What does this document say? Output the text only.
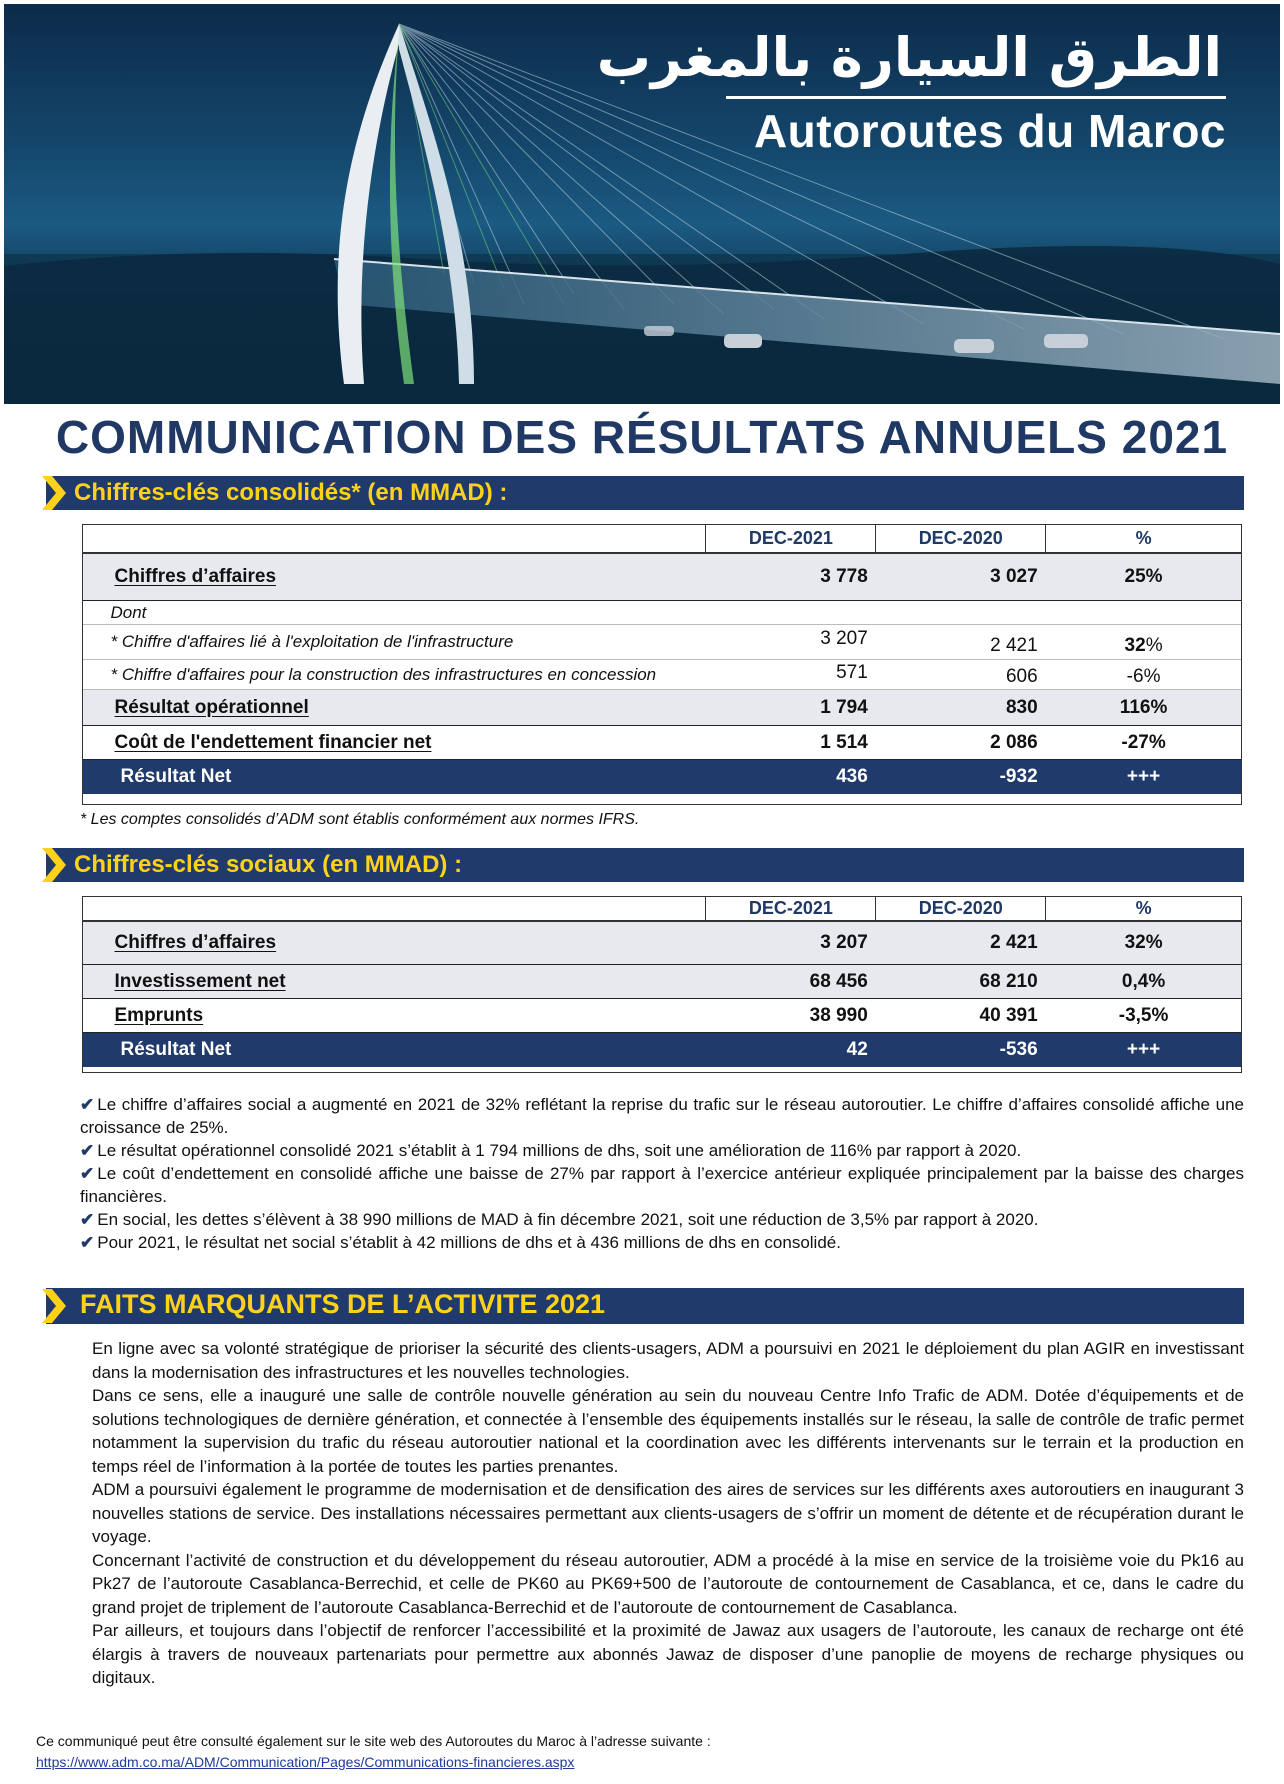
الطرق السيارة بالمغرب
Autoroutes du Maroc
COMMUNICATION DES RÉSULTATS ANNUELS 2021
Chiffres-clés consolidés* (en MMAD) :
	DEC-2021	DEC-2020	%
Chiffres d’affaires	3 778	3 027	25%
Dont			
* Chiffre d'affaires lié à l'exploitation de l'infrastructure	3 207	2 421	32%
* Chiffre d'affaires pour la construction des infrastructures en concession	571	606	-6%
Résultat opérationnel	1 794	830	116%
Coût de l'endettement financier net	1 514	2 086	-27%
Résultat Net	436	-932	+++
* Les comptes consolidés d’ADM sont établis conformément aux normes IFRS.
Chiffres-clés sociaux (en MMAD) :
	DEC-2021	DEC-2020	%
Chiffres d’affaires	3 207	2 421	32%
Investissement net	68 456	68 210	0,4%
Emprunts	38 990	40 391	-3,5%
Résultat Net	42	-536	+++

✔ Le chiffre d’affaires social a augmenté en 2021 de 32% reflétant la reprise du trafic sur le réseau autoroutier. Le chiffre d’affaires consolidé affiche une croissance de 25%.

✔ Le résultat opérationnel consolidé 2021 s’établit à 1 794 millions de dhs, soit une amélioration de 116% par rapport à 2020.

✔ Le coût d’endettement en consolidé affiche une baisse de 27% par rapport à l’exercice antérieur expliquée principalement par la baisse des charges financières.

✔ En social, les dettes s’élèvent à 38 990 millions de MAD à fin décembre 2021, soit une réduction de 3,5% par rapport à 2020.

✔ Pour 2021, le résultat net social s’établit à 42 millions de dhs et à 436 millions de dhs en consolidé.

FAITS MARQUANTS DE L’ACTIVITE 2021

En ligne avec sa volonté stratégique de prioriser la sécurité des clients-usagers, ADM a poursuivi en 2021 le déploiement du plan AGIR en investissant dans la modernisation des infrastructures et les nouvelles technologies.

Dans ce sens, elle a inauguré une salle de contrôle nouvelle génération au sein du nouveau Centre Info Trafic de ADM. Dotée d’équipements et de solutions technologiques de dernière génération, et connectée à l’ensemble des équipements installés sur le réseau, la salle de contrôle de trafic permet notamment la supervision du trafic du réseau autoroutier national et la coordination avec les différents intervenants sur le terrain et la production en temps réel de l’information à la portée de toutes les parties prenantes.

ADM a poursuivi également le programme de modernisation et de densification des aires de services sur les différents axes autoroutiers en inaugurant 3 nouvelles stations de service. Des installations nécessaires permettant aux clients-usagers de s’offrir un moment de détente et de récupération durant le voyage.

Concernant l’activité de construction et du développement du réseau autoroutier, ADM a procédé à la mise en service de la troisième voie du Pk16 au Pk27 de l’autoroute Casablanca-Berrechid, et celle de PK60 au PK69+500 de l’autoroute de contournement de Casablanca, et ce, dans le cadre du grand projet de triplement de l’autoroute Casablanca-Berrechid et de l’autoroute de contournement de Casablanca.

Par ailleurs, et toujours dans l’objectif de renforcer l’accessibilité et la proximité de Jawaz aux usagers de l’autoroute, les canaux de recharge ont été élargis à travers de nouveaux partenariats pour permettre aux abonnés Jawaz de disposer d’une panoplie de moyens de recharge physiques ou digitaux.

Ce communiqué peut être consulté également sur le site web des Autoroutes du Maroc à l’adresse suivante :
https://www.adm.co.ma/ADM/Communication/Pages/Communications-financieres.aspx
